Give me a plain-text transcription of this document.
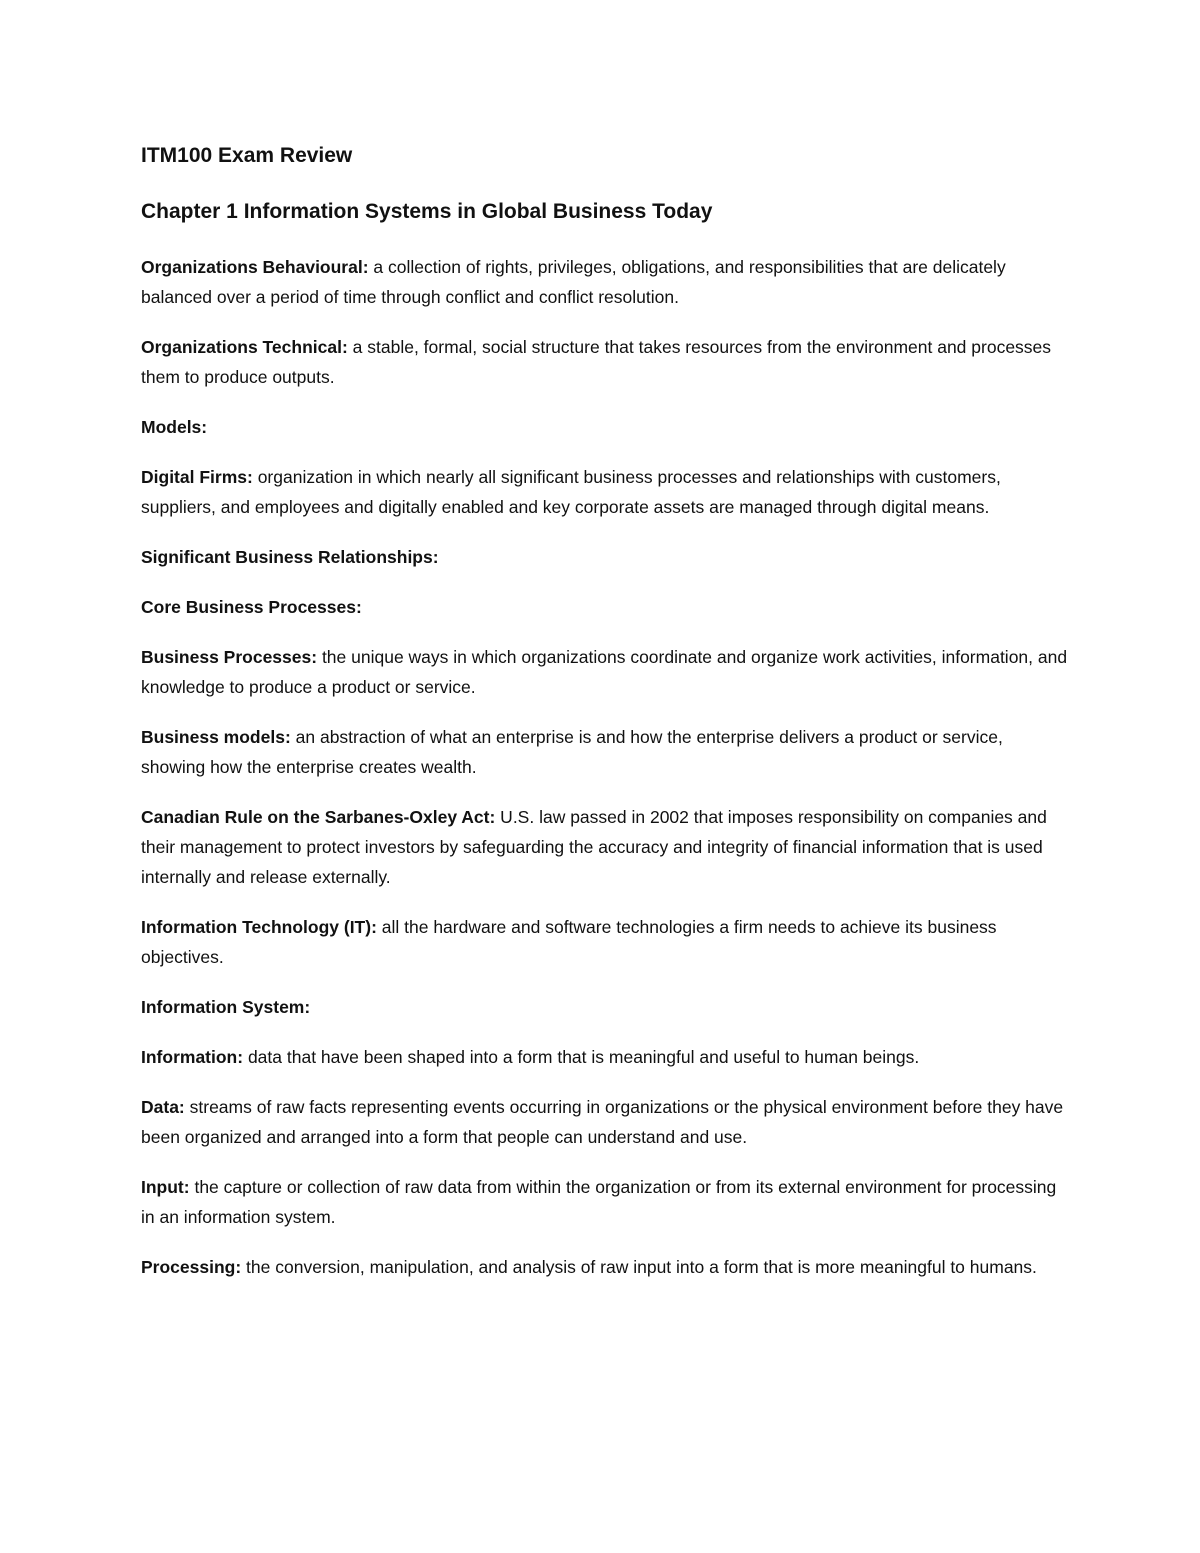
ITM100 Exam Review
Chapter 1 Information Systems in Global Business Today

Organizations Behavioural: a collection of rights, privileges, obligations, and responsibilities that are delicately balanced over a period of time through conflict and conflict resolution.

Organizations Technical: a stable, formal, social structure that takes resources from the environment and processes them to produce outputs.

Models:

Digital Firms: organization in which nearly all significant business processes and relationships with customers, suppliers, and employees and digitally enabled and key corporate assets are managed through digital means.

Significant Business Relationships:

Core Business Processes:

Business Processes: the unique ways in which organizations coordinate and organize work activities, information, and knowledge to produce a product or service.

Business models: an abstraction of what an enterprise is and how the enterprise delivers a product or service, showing how the enterprise creates wealth.

Canadian Rule on the Sarbanes-Oxley Act: U.S. law passed in 2002 that imposes responsibility on companies and their management to protect investors by safeguarding the accuracy and integrity of financial information that is used internally and release externally.

Information Technology (IT): all the hardware and software technologies a firm needs to achieve its business objectives.

Information System:

Information: data that have been shaped into a form that is meaningful and useful to human beings.

Data: streams of raw facts representing events occurring in organizations or the physical environment before they have been organized and arranged into a form that people can understand and use.

Input: the capture or collection of raw data from within the organization or from its external environment for processing in an information system.

Processing: the conversion, manipulation, and analysis of raw input into a form that is more meaningful to humans.
